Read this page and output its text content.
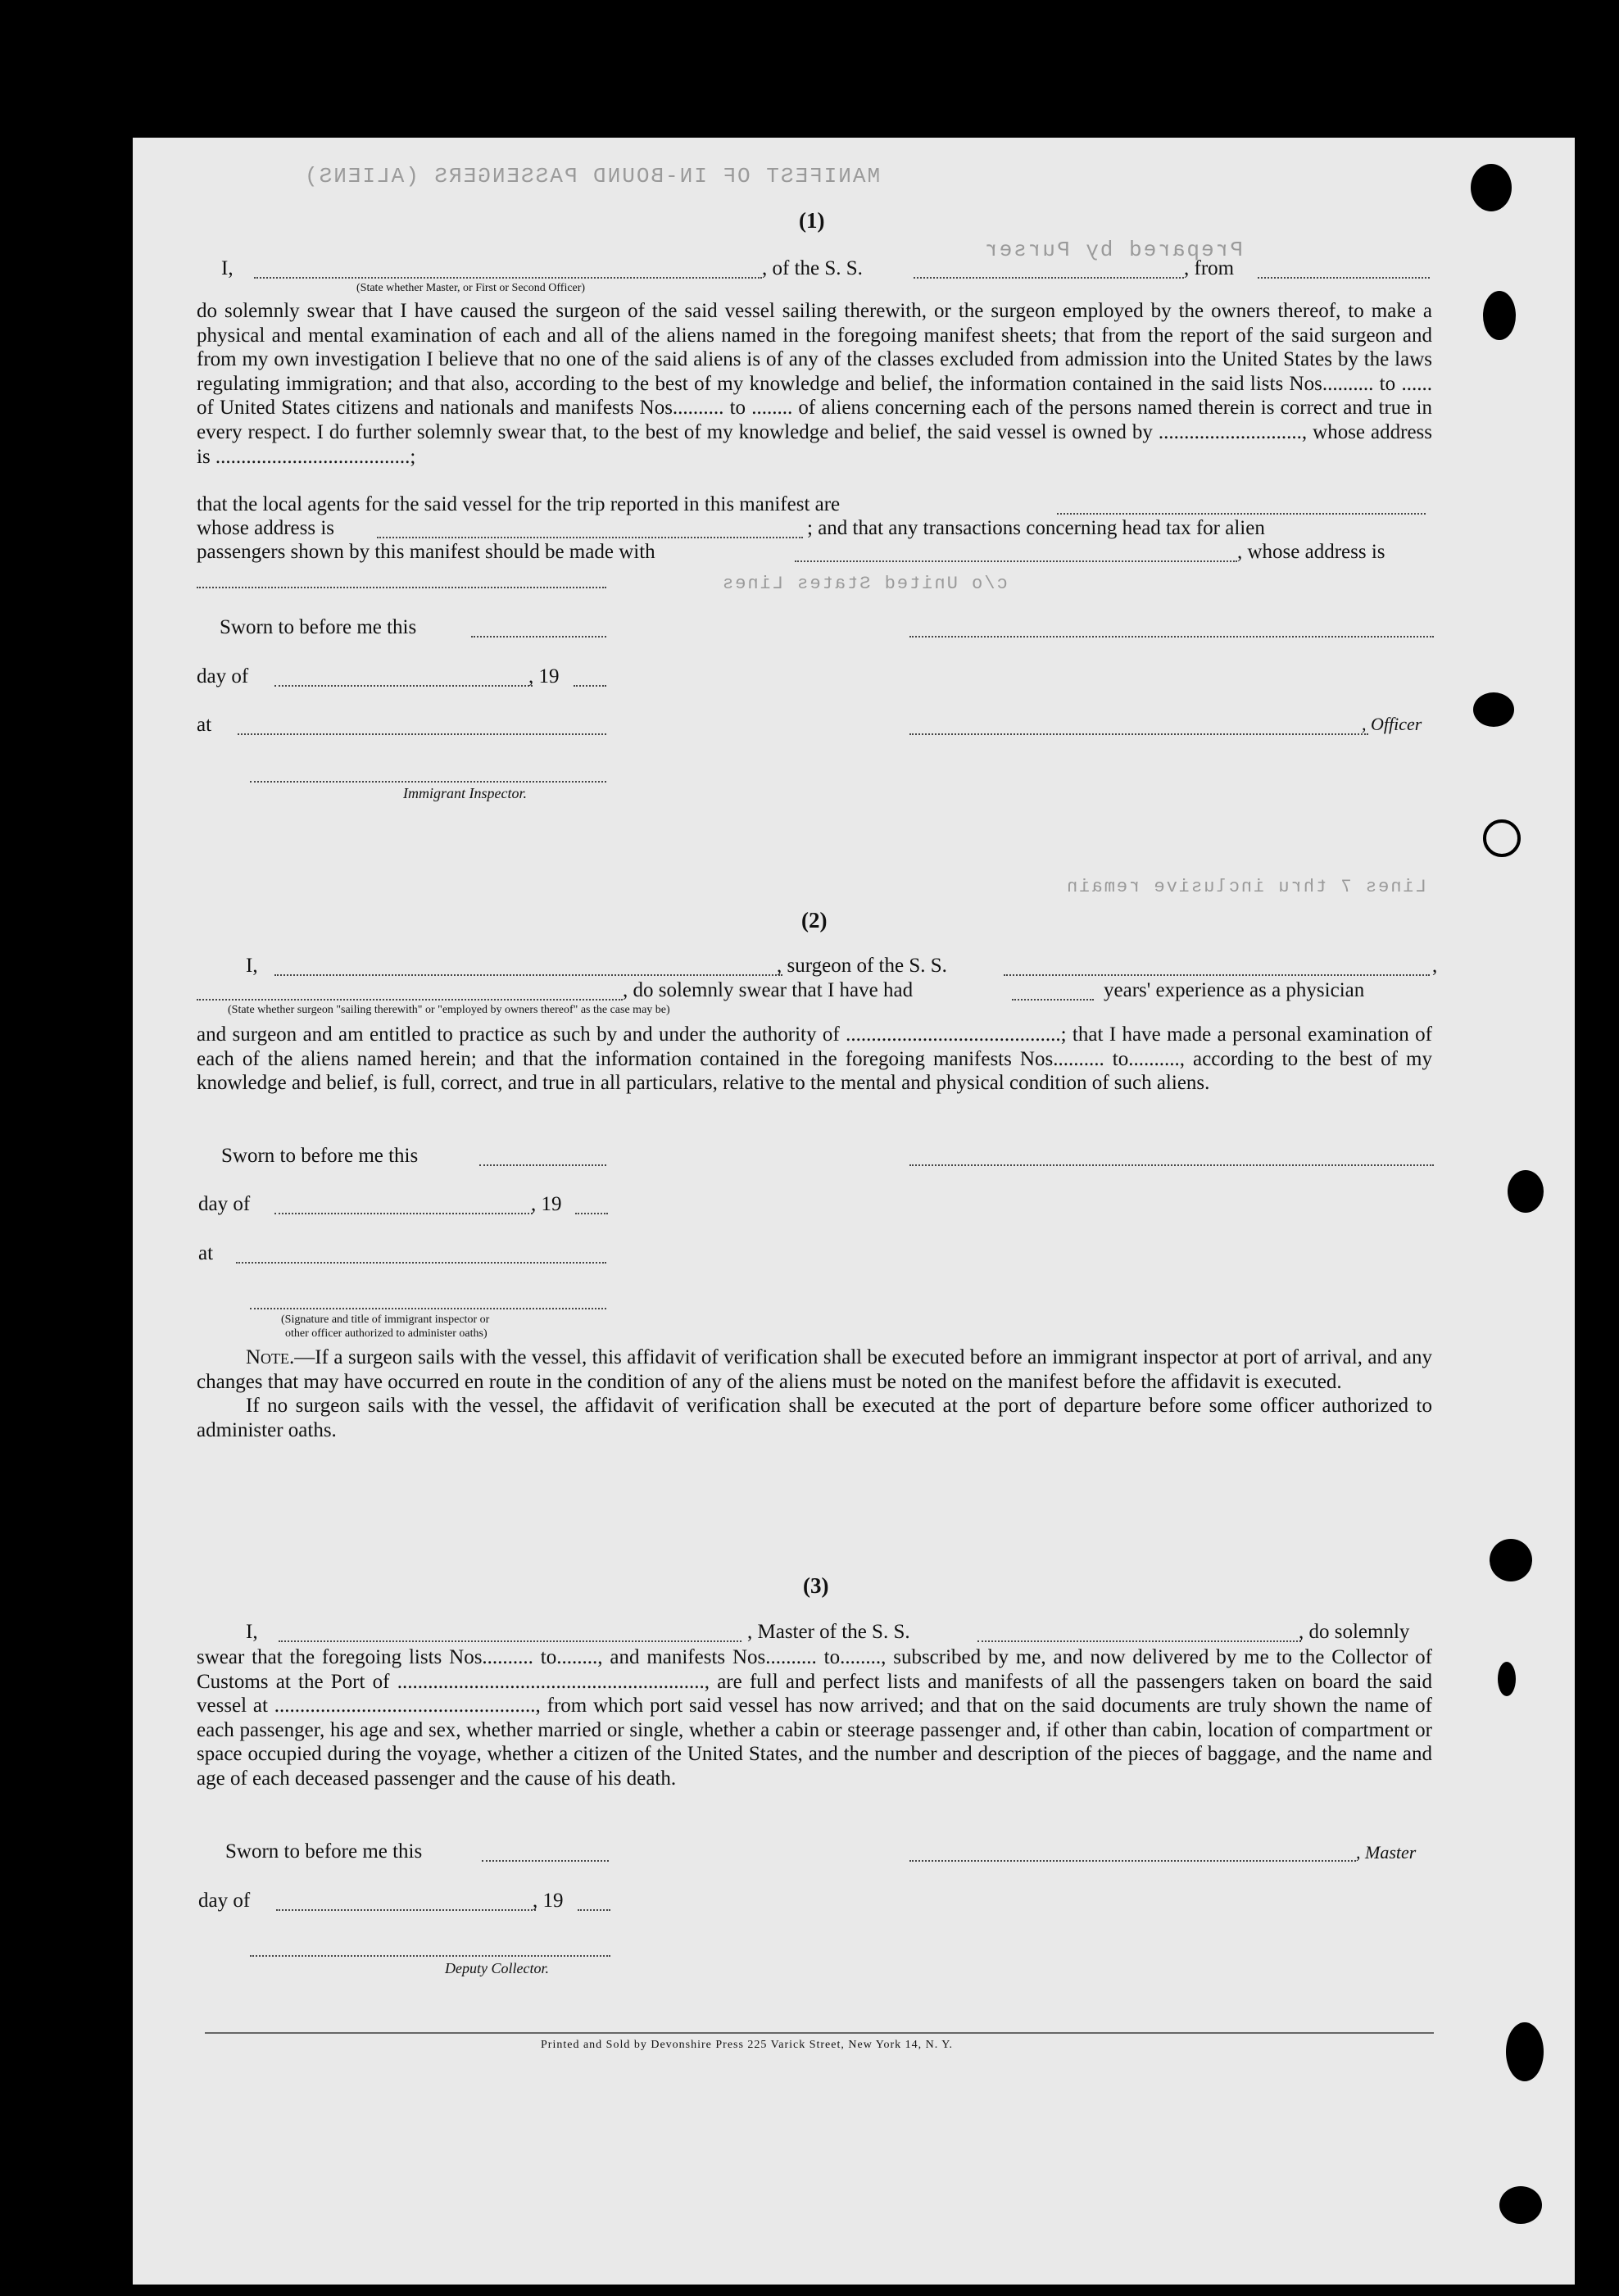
MANIFEST OF IN-BOUND PASSENGERS (ALIENS)
Prepared by Purser
c/o United States Lines
Lines 7 thru inclusive remain
(1)
I,	, of the S. S.	, from
(State whether Master, or First or Second Officer)

do solemnly swear that I have caused the surgeon of the said vessel sailing therewith, or the surgeon employed by the owners thereof, to make a physical and mental examination of each and all of the aliens named in the foregoing manifest sheets; that from the report of the said surgeon and from my own investigation I believe that no one of the said aliens is of any of the classes excluded from admission into the United States by the laws regulating immigration; and that also, according to the best of my knowledge and belief, the information contained in the said lists Nos.......... to ...... of United States citizens and nationals and manifests Nos.......... to ........ of aliens concerning each of the persons named therein is correct and true in every respect. I do further solemnly swear that, to the best of my knowledge and belief, the said vessel is owned by ............................, whose address is ......................................;

that the local agents for the said vessel for the trip reported in this manifest are
whose address is	; and that any transactions concerning head tax for alien
passengers shown by this manifest should be made with	, whose address is
Sworn to before me this
day of	, 19
at	, Officer
Immigrant Inspector.
(2)
I,	, surgeon of the S. S.	,
, do solemnly swear that I have had	years' experience as a physician
(State whether surgeon "sailing therewith" or "employed by owners thereof" as the case may be)

and surgeon and am entitled to practice as such by and under the authority of ..........................................; that I have made a personal examination of each of the aliens named herein; and that the information contained in the foregoing manifests Nos.......... to.........., according to the best of my knowledge and belief, is full, correct, and true in all particulars, relative to the mental and physical condition of such aliens.

Sworn to before me this
day of	, 19
at
(Signature and title of immigrant inspector or
other officer authorized to administer oaths)

Note.—If a surgeon sails with the vessel, this affidavit of verification shall be executed before an immigrant inspector at port of arrival, and any changes that may have occurred en route in the condition of any of the aliens must be noted on the manifest before the affidavit is executed.

If no surgeon sails with the vessel, the affidavit of verification shall be executed at the port of departure before some officer authorized to administer oaths.

(3)
I,	, Master of the S. S.	, do solemnly

swear that the foregoing lists Nos.......... to........, and manifests Nos.......... to........, subscribed by me, and now delivered by me to the Collector of Customs at the Port of ............................................................, are full and perfect lists and manifests of all the passengers taken on board the said vessel at ..................................................., from which port said vessel has now arrived; and that on the said documents are truly shown the name of each passenger, his age and sex, whether married or single, whether a cabin or steerage passenger and, if other than cabin, location of compartment or space occupied during the voyage, whether a citizen of the United States, and the number and description of the pieces of baggage, and the name and age of each deceased passenger and the cause of his death.

Sworn to before me this	, Master
day of	, 19
Deputy Collector.
Printed and Sold by Devonshire Press 225 Varick Street, New York 14, N. Y.
